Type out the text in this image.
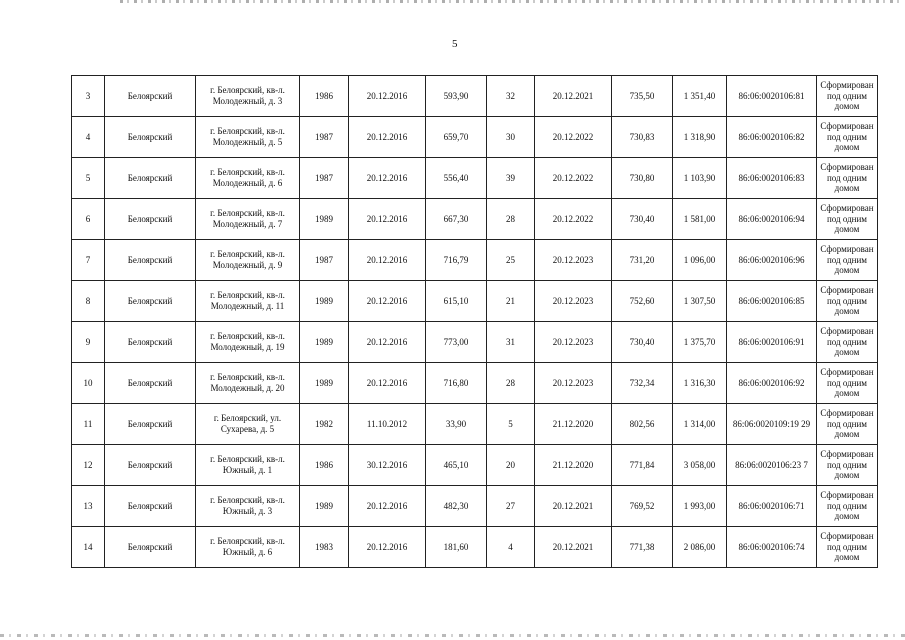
5
3	Белоярский	г. Белоярский, кв-л. Молодежный, д. 3	1986	20.12.2016	593,90	32	20.12.2021	735,50	1 351,40	86:06:0020106:81	Сформирован под одним домом
4	Белоярский	г. Белоярский, кв-л. Молодежный, д. 5	1987	20.12.2016	659,70	30	20.12.2022	730,83	1 318,90	86:06:0020106:82	Сформирован под одним домом
5	Белоярский	г. Белоярский, кв-л. Молодежный, д. 6	1987	20.12.2016	556,40	39	20.12.2022	730,80	1 103,90	86:06:0020106:83	Сформирован под одним домом
6	Белоярский	г. Белоярский, кв-л. Молодежный, д. 7	1989	20.12.2016	667,30	28	20.12.2022	730,40	1 581,00	86:06:0020106:94	Сформирован под одним домом
7	Белоярский	г. Белоярский, кв-л. Молодежный, д. 9	1987	20.12.2016	716,79	25	20.12.2023	731,20	1 096,00	86:06:0020106:96	Сформирован под одним домом
8	Белоярский	г. Белоярский, кв-л. Молодежный, д. 11	1989	20.12.2016	615,10	21	20.12.2023	752,60	1 307,50	86:06:0020106:85	Сформирован под одним домом
9	Белоярский	г. Белоярский, кв-л. Молодежный, д. 19	1989	20.12.2016	773,00	31	20.12.2023	730,40	1 375,70	86:06:0020106:91	Сформирован под одним домом
10	Белоярский	г. Белоярский, кв-л. Молодежный, д. 20	1989	20.12.2016	716,80	28	20.12.2023	732,34	1 316,30	86:06:0020106:92	Сформирован под одним домом
11	Белоярский	г. Белоярский, ул. Сухарева, д. 5	1982	11.10.2012	33,90	5	21.12.2020	802,56	1 314,00	86:06:0020109:19 29	Сформирован под одним домом
12	Белоярский	г. Белоярский, кв-л. Южный, д. 1	1986	30.12.2016	465,10	20	21.12.2020	771,84	3 058,00	86:06:0020106:23 7	Сформирован под одним домом
13	Белоярский	г. Белоярский, кв-л. Южный, д. 3	1989	20.12.2016	482,30	27	20.12.2021	769,52	1 993,00	86:06:0020106:71	Сформирован под одним домом
14	Белоярский	г. Белоярский, кв-л. Южный, д. 6	1983	20.12.2016	181,60	4	20.12.2021	771,38	2 086,00	86:06:0020106:74	Сформирован под одним домом
